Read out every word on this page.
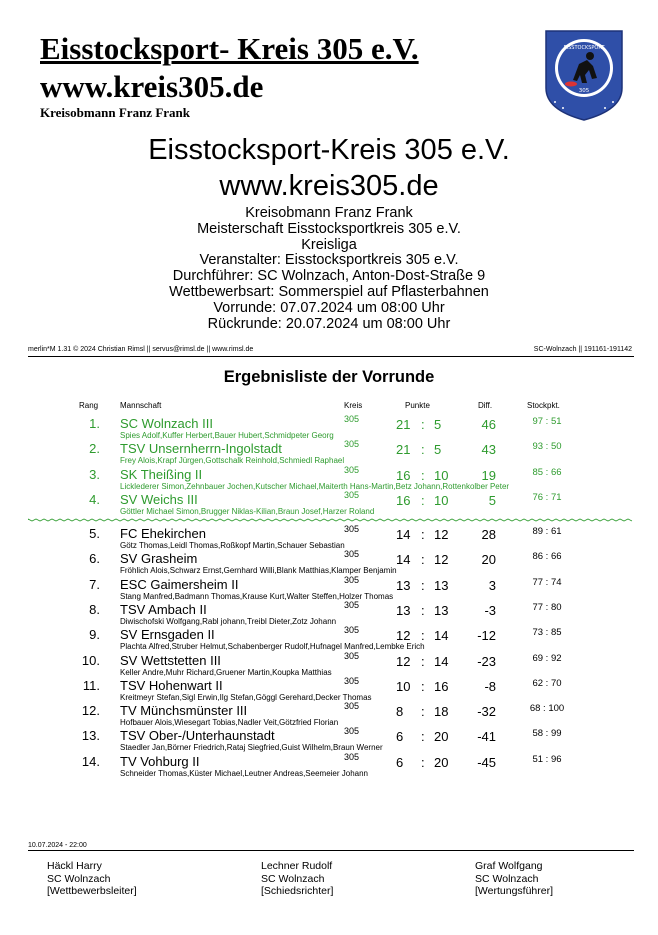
Eisstocksport- Kreis 305 e.V.
www.kreis305.de
Kreisobmann Franz Frank
EISSTOCKSPORT
305
Eisstocksport-Kreis 305 e.V.
www.kreis305.de
Kreisobmann Franz Frank
Meisterschaft Eisstocksportkreis 305 e.V.
Kreisliga
Veranstalter: Eisstocksportkreis 305 e.V.
Durchführer: SC Wolnzach, Anton-Dost-Straße 9
Wettbewerbsart: Sommerspiel auf Pflasterbahnen
Vorrunde: 07.07.2024 um 08:00 Uhr
Rückrunde: 20.07.2024 um 08:00 Uhr
merlin*M 1.31 © 2024 Christian Rimsl || servus@rimsl.de || www.rimsl.de	SC-Wolnzach || 191161-191142
Ergebnisliste der Vorrunde
Rang	Mannschaft	Kreis	Punkte	Diff.	Stockpkt.
1. SC Wolnzach III	305	21 : 5	46	97 : 51
Spies Adolf,Kuffer Herbert,Bauer Hubert,Schmidpeter Georg
2. TSV Unsernherrn-Ingolstadt	305	21 : 5	43	93 : 50
Frey Alois,Krapf Jürgen,Gottschalk Reinhold,Schmiedl Raphael
3. SK Theißing II	305	16 : 10	19	85 : 66
Licklederer Simon,Zehnbauer Jochen,Kutscher Michael,Maiterth Hans-Martin,Betz Johann,Rottenkolber Peter
4. SV Weichs III	305	16 : 10	5	76 : 71
Göttler Michael Simon,Brugger Niklas-Kilian,Braun Josef,Harzer Roland
5. FC Ehekirchen	305	14 : 12	28	89 : 61
Götz Thomas,Leidl Thomas,Roßkopf Martin,Schauer Sebastian
6. SV Grasheim	305	14 : 12	20	86 : 66
Fröhlich Alois,Schwarz Ernst,Gernhard Willi,Blank Matthias,Klamper Benjamin
7. ESC Gaimersheim II	305	13 : 13	3	77 : 74
Stang Manfred,Badmann Thomas,Krause Kurt,Walter Steffen,Holzer Thomas
8. TSV Ambach II	305	13 : 13	-3	77 : 80
Diwischofski Wolfgang,Rabl johann,Treibl Dieter,Zotz Johann
9. SV Ernsgaden II	305	12 : 14	-12	73 : 85
Plachta Alfred,Struber Helmut,Schabenberger Rudolf,Hufnagel Manfred,Lembke Erich
10. SV Wettstetten III	305	12 : 14	-23	69 : 92
Keller Andre,Muhr Richard,Gruener Martin,Koupka Matthias
11. TSV Hohenwart II	305	10 : 16	-8	62 : 70
Kreitmeyr Stefan,Sigl Erwin,Ilg Stefan,Göggl Gerehard,Decker Thomas
12. TV Münchsmünster III	305	8 : 18	-32	68 : 100
Hofbauer Alois,Wiesegart Tobias,Nadler Veit,Götzfried Florian
13. TSV Ober-/Unterhaunstadt	305	6 : 20	-41	58 : 99
Staedler Jan,Börner Friedrich,Rataj Siegfried,Guist Wilhelm,Braun Werner
14. TV Vohburg II	305	6 : 20	-45	51 : 96
Schneider Thomas,Küster Michael,Leutner Andreas,Seemeier Johann
10.07.2024 - 22:00
Häckl Harry
SC Wolnzach
[Wettbewerbsleiter]
Lechner Rudolf
SC Wolnzach
[Schiedsrichter]
Graf Wolfgang
SC Wolnzach
[Wertungsführer]
